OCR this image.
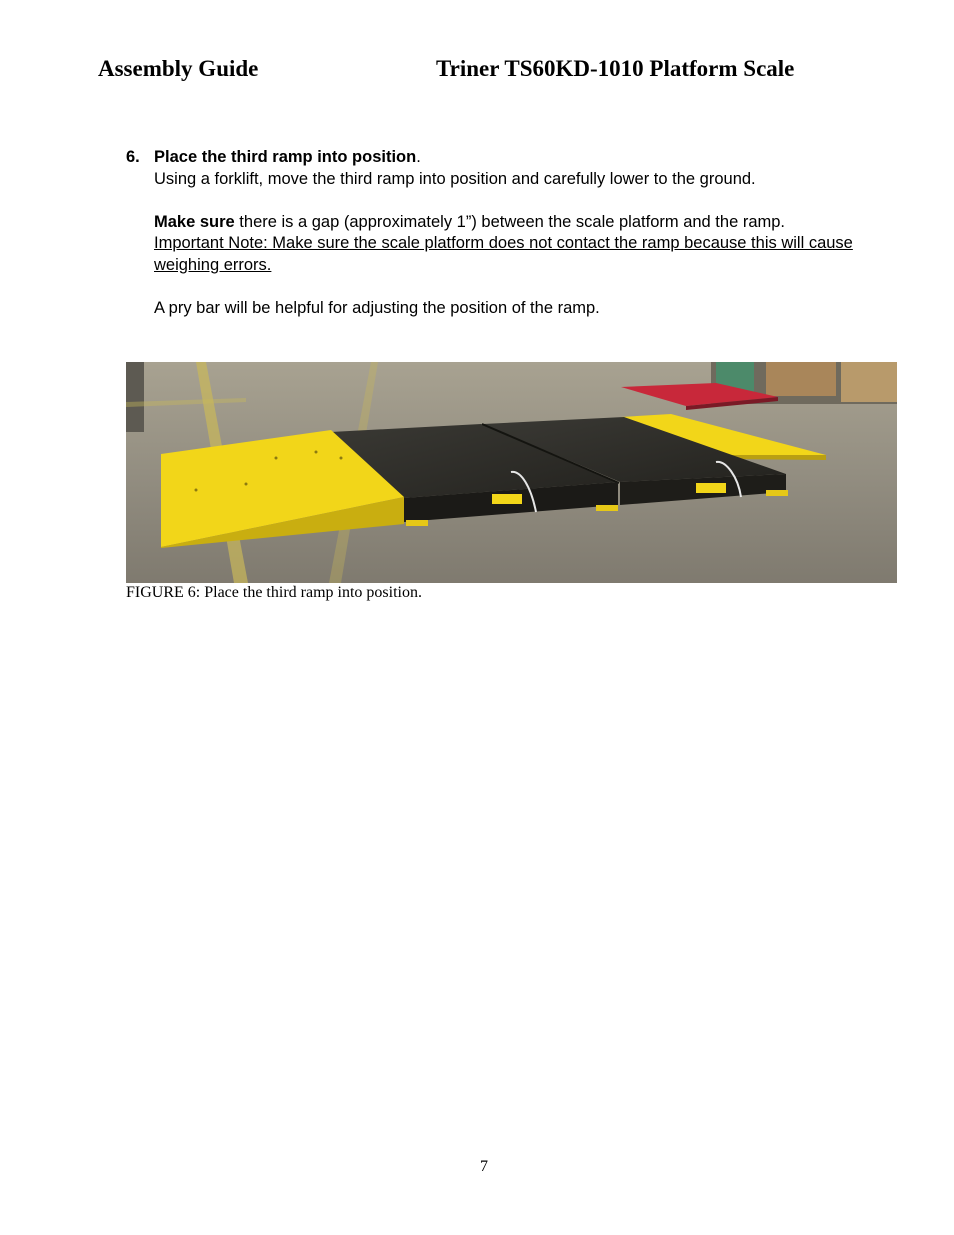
Assembly Guide	Triner TS60KD-1010 Platform Scale
6. Place the third ramp into position.

Using a forklift, move the third ramp into position and carefully lower to the ground.

Make sure there is a gap (approximately 1”) between the scale platform and the ramp.

Important Note: Make sure the scale platform does not contact the ramp because this will cause weighing errors.

A pry bar will be helpful for adjusting the position of the ramp.

FIGURE 6: Place the third ramp into position.
7
